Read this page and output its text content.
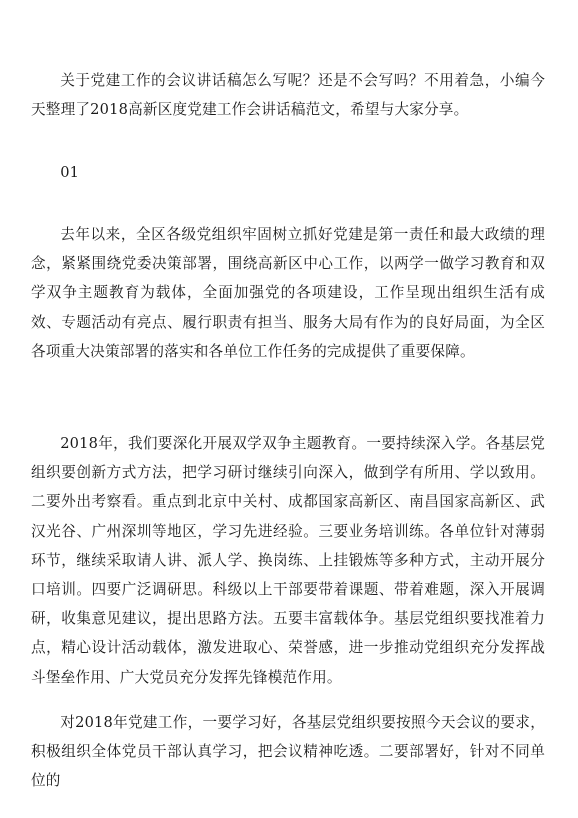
关于党建工作的会议讲话稿怎么写呢？还是不会写吗？不用着急，小编今天整理了2018高新区度党建工作会讲话稿范文，希望与大家分享。

01

去年以来，全区各级党组织牢固树立抓好党建是第一责任和最大政绩的理念，紧紧围绕党委决策部署，围绕高新区中心工作，以两学一做学习教育和双学双争主题教育为载体，全面加强党的各项建设，工作呈现出组织生活有成效、专题活动有亮点、履行职责有担当、服务大局有作为的良好局面，为全区各项重大决策部署的落实和各单位工作任务的完成提供了重要保障。

2018年，我们要深化开展双学双争主题教育。一要持续深入学。各基层党组织要创新方式方法，把学习研讨继续引向深入，做到学有所用、学以致用。二要外出考察看。重点到北京中关村、成都国家高新区、南昌国家高新区、武汉光谷、广州深圳等地区，学习先进经验。三要业务培训练。各单位针对薄弱环节，继续采取请人讲、派人学、换岗练、上挂锻炼等多种方式，主动开展分口培训。四要广泛调研思。科级以上干部要带着课题、带着难题，深入开展调研，收集意见建议，提出思路方法。五要丰富载体争。基层党组织要找准着力点，精心设计活动载体，激发进取心、荣誉感，进一步推动党组织充分发挥战斗堡垒作用、广大党员充分发挥先锋模范作用。

对2018年党建工作，一要学习好，各基层党组织要按照今天会议的要求，积极组织全体党员干部认真学习，把会议精神吃透。二要部署好，针对不同单位的
